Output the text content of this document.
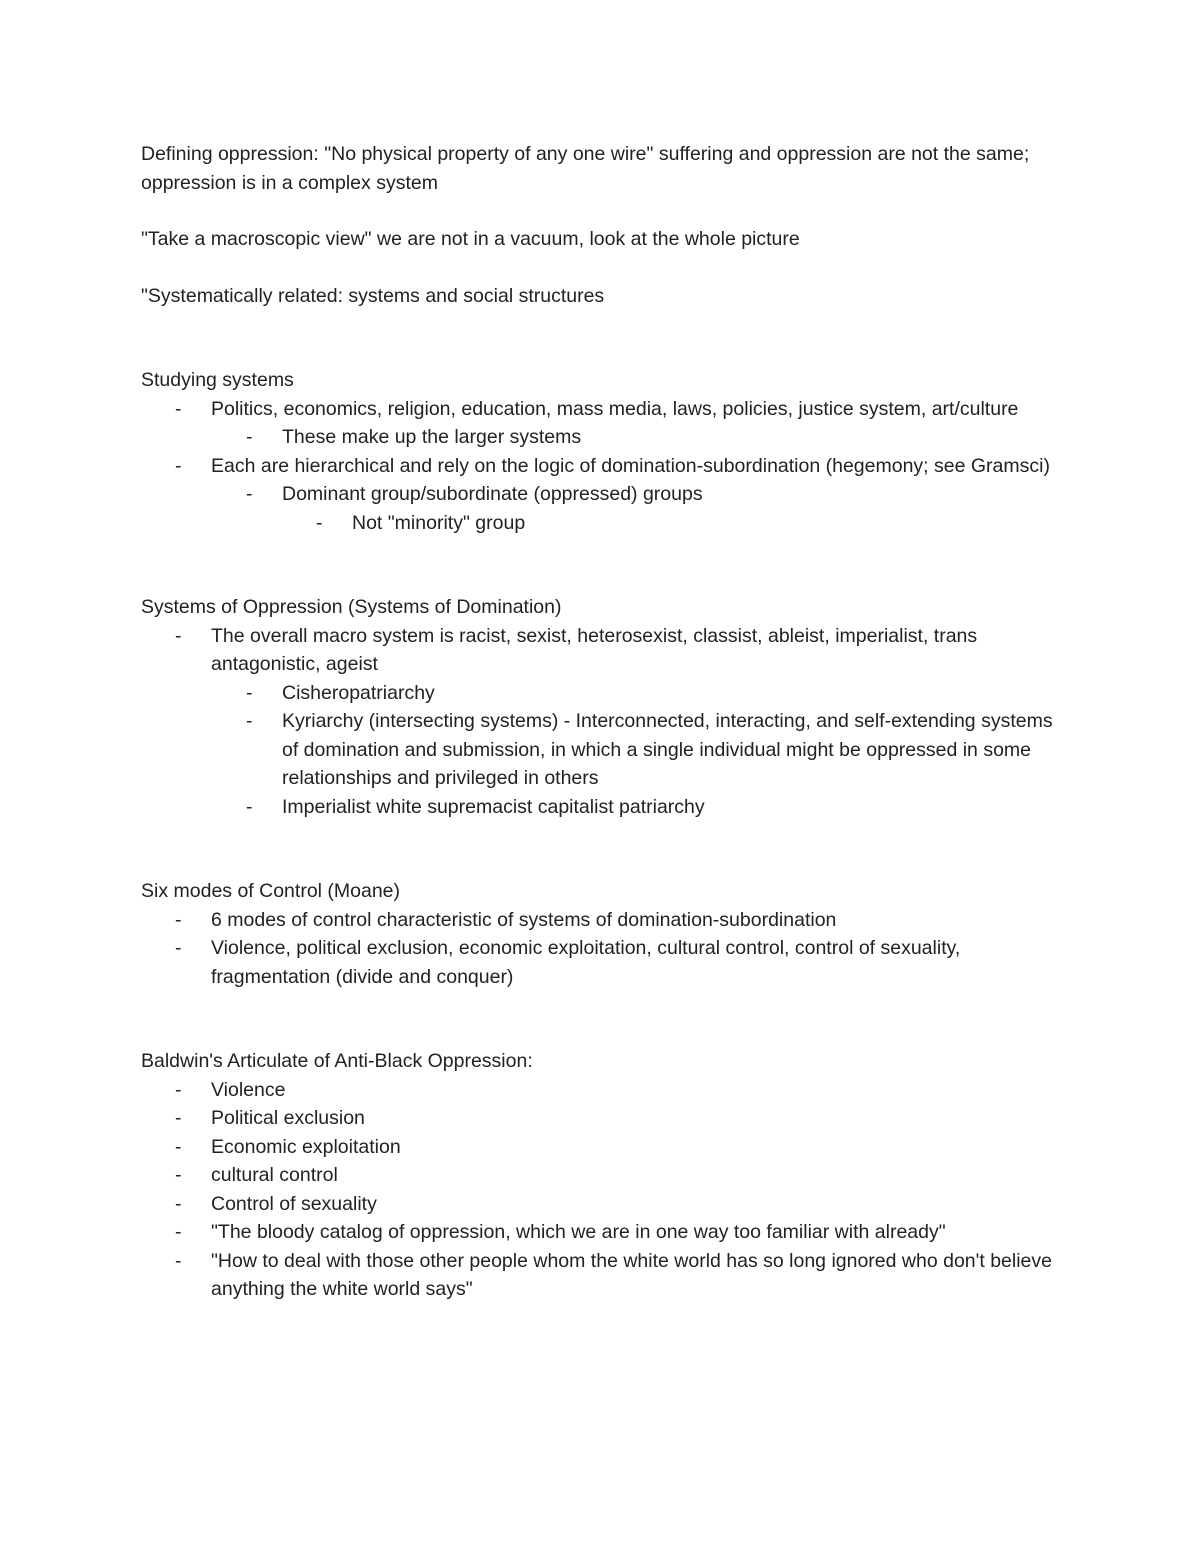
Defining oppression: "No physical property of any one wire" suffering and oppression are not the same; oppression is in a complex system

"Take a macroscopic view" we are not in a vacuum, look at the whole picture

"Systematically related: systems and social structures

Studying systems

- Politics, economics, religion, education, mass media, laws, policies, justice system, art/culture
- These make up the larger systems
- Each are hierarchical and rely on the logic of domination-subordination (hegemony; see Gramsci)
- Dominant group/subordinate (oppressed) groups
- Not "minority" group

Systems of Oppression (Systems of Domination)

- The overall macro system is racist, sexist, heterosexist, classist, ableist, imperialist, trans antagonistic, ageist
- Cisheropatriarchy
- Kyriarchy (intersecting systems) - Interconnected, interacting, and self-extending systems of domination and submission, in which a single individual might be oppressed in some relationships and privileged in others
- Imperialist white supremacist capitalist patriarchy

Six modes of Control (Moane)

- 6 modes of control characteristic of systems of domination-subordination
- Violence, political exclusion, economic exploitation, cultural control, control of sexuality, fragmentation (divide and conquer)

Baldwin's Articulate of Anti-Black Oppression:

- Violence
- Political exclusion
- Economic exploitation
- cultural control
- Control of sexuality
- "The bloody catalog of oppression, which we are in one way too familiar with already"
- "How to deal with those other people whom the white world has so long ignored who don't believe anything the white world says"
